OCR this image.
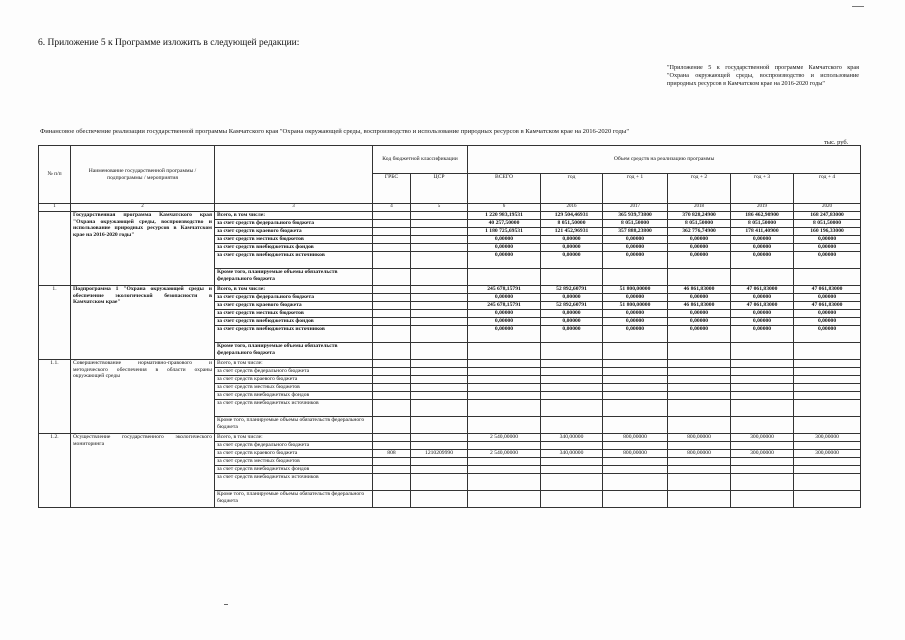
6. Приложение 5 к Программе изложить в следующей редакции:
"Приложение 5 к государственной программе Камчатского края "Охрана окружающей среды, воспроизводство и использование природных ресурсов в Камчатском крае на 2016-2020 годы"
Финансовое обеспечение реализации государственной программы Камчатского края "Охрана окружающей среды, воспроизводство и использование природных ресурсов в Камчатском крае на 2016-2020 годы"
тыс. руб.
№ п/п	Наименование государственной программы / подпрограммы / мероприятия		Код бюджетной классификации		Объем средств на реализацию программы					
			ГРБС	ЦСР	ВСЕГО	год	год + 1	год + 2	год + 3	год + 4
1	2	3	4	5	6	2016	2017	2018	2019	2020
	Государственная программа Камчатского края "Охрана окружающей среды, воспроизводство и использование природных ресурсов в Камчатском крае на 2016-2020 годы"	Всего, в том числе:			1 220 983,19531	129 504,46931	365 939,73800	370 828,24900	186 462,90900	168 247,83000
		за счет средств федерального бюджета			40 257,50000	8 051,50000	8 051,50000	8 051,50000	8 051,50000	8 051,50000
		за счет средств краевого бюджета			1 180 725,69531	121 452,96931	357 888,23800	362 776,74900	178 411,40900	160 196,33000
		за счет средств местных бюджетов			0,00000	0,00000	0,00000	0,00000	0,00000	0,00000
		за счет средств внебюджетных фондов			0,00000	0,00000	0,00000	0,00000	0,00000	0,00000
		за счет средств внебюджетных источников			0,00000	0,00000	0,00000	0,00000	0,00000	0,00000
		Кроме того, планируемые объемы обязательств федерального бюджета								
1.	Подпрограмма 1 "Охрана окружающей среды и обеспечение экологической безопасности в Камчатском крае"	Всего, в том числе:			245 678,15791	52 892,60791	51 800,00000	46 861,83000	47 061,83000	47 061,83000
		за счет средств федерального бюджета			0,00000	0,00000	0,00000	0,00000	0,00000	0,00000
		за счет средств краевого бюджета			245 678,15791	52 892,60791	51 800,00000	46 861,83000	47 061,83000	47 061,83000
		за счет средств местных бюджетов			0,00000	0,00000	0,00000	0,00000	0,00000	0,00000
		за счет средств внебюджетных фондов			0,00000	0,00000	0,00000	0,00000	0,00000	0,00000
		за счет средств внебюджетных источников			0,00000	0,00000	0,00000	0,00000	0,00000	0,00000
		Кроме того, планируемые объемы обязательств федерального бюджета								
1.1.	Совершенствование нормативно-правового и методического обеспечения в области охраны окружающей среды	Всего, в том числе:								
		за счет средств федерального бюджета								
		за счет средств краевого бюджета								
		за счет средств местных бюджетов								
		за счет средств внебюджетных фондов								
		за счет средств внебюджетных источников								
		Кроме того, планируемые объемы обязательств федерального бюджета								
1.2.	Осуществление государственного экологического мониторинга	Всего, в том числе:			2 540,00000	340,00000	800,00000	800,00000	300,00000	300,00000
		за счет средств федерального бюджета								
		за счет средств краевого бюджета	808	1210209990	2 540,00000	340,00000	800,00000	800,00000	300,00000	300,00000
		за счет средств местных бюджетов								
		за счет средств внебюджетных фондов								
		за счет средств внебюджетных источников								
		Кроме того, планируемые объемы обязательств федерального бюджета								
